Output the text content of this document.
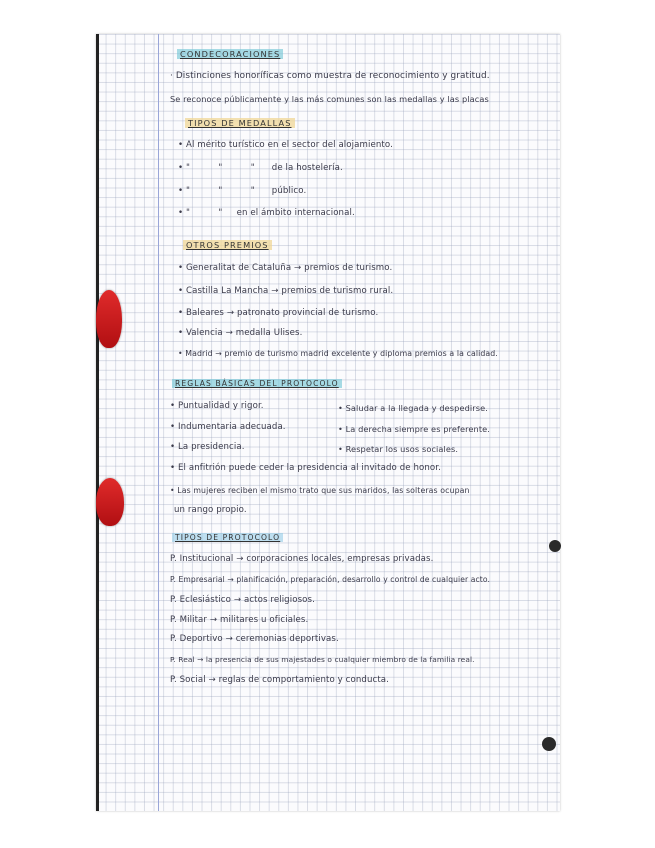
CONDECORACIONES
· Distinciones honoríficas como muestra de reconocimiento y gratitud.
Se reconoce públicamente y las más comunes son las medallas y las placas
TIPOS DE MEDALLAS
• Al mérito turístico en el sector del alojamiento.
• "          "          "      de la hostelería.
• "          "          "      público.
• "          "     en el ámbito internacional.
OTROS PREMIOS
• Generalitat de Cataluña → premios de turismo.
• Castilla La Mancha → premios de turismo rural.
• Baleares → patronato provincial de turismo.
• Valencia → medalla Ulises.
• Madrid → premio de turismo madrid excelente y diploma premios a la calidad.
REGLAS BÁSICAS DEL PROTOCOLO
• Puntualidad y rigor.
• Indumentaria adecuada.
• La presidencia.
• Saludar a la llegada y despedirse.
• La derecha siempre es preferente.
• Respetar los usos sociales.
• El anfitrión puede ceder la presidencia al invitado de honor.
• Las mujeres reciben el mismo trato que sus maridos, las solteras ocupan
un rango propio.
TIPOS DE PROTOCOLO
P. Institucional → corporaciones locales, empresas privadas.
P. Empresarial → planificación, preparación, desarrollo y control de cualquier acto.
P. Eclesiástico → actos religiosos.
P. Militar → militares u oficiales.
P. Deportivo → ceremonias deportivas.
P. Real → la presencia de sus majestades o cualquier miembro de la familia real.
P. Social → reglas de comportamiento y conducta.
